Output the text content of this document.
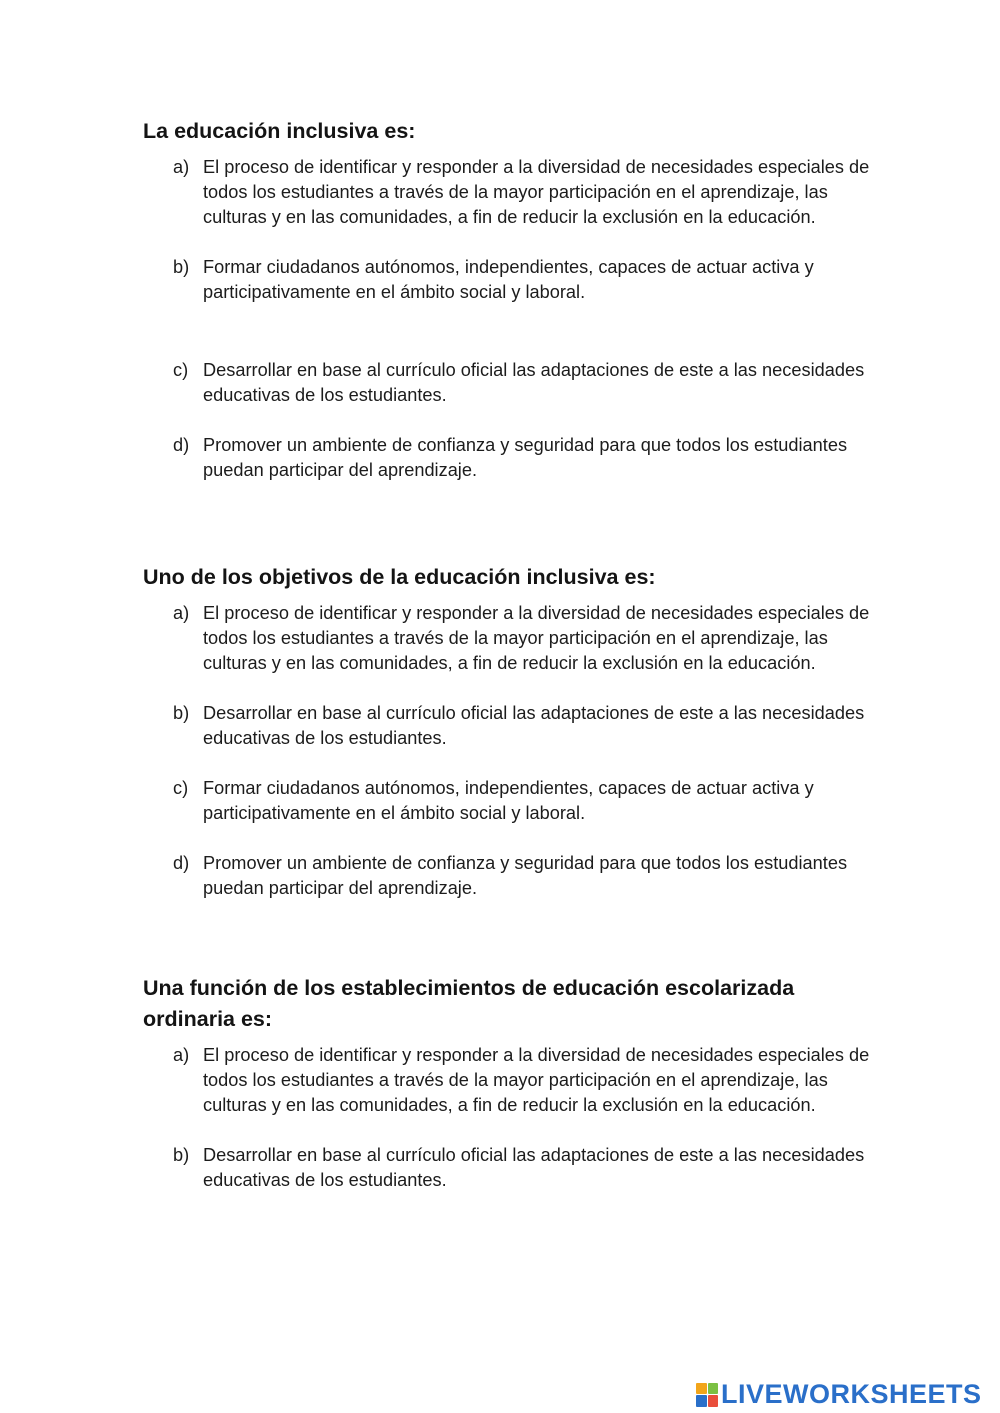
La educación inclusiva es:
a) El proceso de identificar y responder a la diversidad de necesidades especiales de todos los estudiantes a través de la mayor participación en el aprendizaje, las culturas y en las comunidades, a fin de reducir la exclusión en la educación.
b) Formar ciudadanos autónomos, independientes, capaces de actuar activa y participativamente en el ámbito social y laboral.
c) Desarrollar en base al currículo oficial las adaptaciones de este a las necesidades educativas de los estudiantes.
d) Promover un ambiente de confianza y seguridad para que todos los estudiantes puedan participar del aprendizaje.
Uno de los objetivos de la educación inclusiva es:
a) El proceso de identificar y responder a la diversidad de necesidades especiales de todos los estudiantes a través de la mayor participación en el aprendizaje, las culturas y en las comunidades, a fin de reducir la exclusión en la educación.
b) Desarrollar en base al currículo oficial las adaptaciones de este a las necesidades educativas de los estudiantes.
c) Formar ciudadanos autónomos, independientes, capaces de actuar activa y participativamente en el ámbito social y laboral.
d) Promover un ambiente de confianza y seguridad para que todos los estudiantes puedan participar del aprendizaje.
Una función de los establecimientos de educación escolarizada ordinaria es:
a) El proceso de identificar y responder a la diversidad de necesidades especiales de todos los estudiantes a través de la mayor participación en el aprendizaje, las culturas y en las comunidades, a fin de reducir la exclusión en la educación.
b) Desarrollar en base al currículo oficial las adaptaciones de este a las necesidades educativas de los estudiantes.
LIVEWORKSHEETS
